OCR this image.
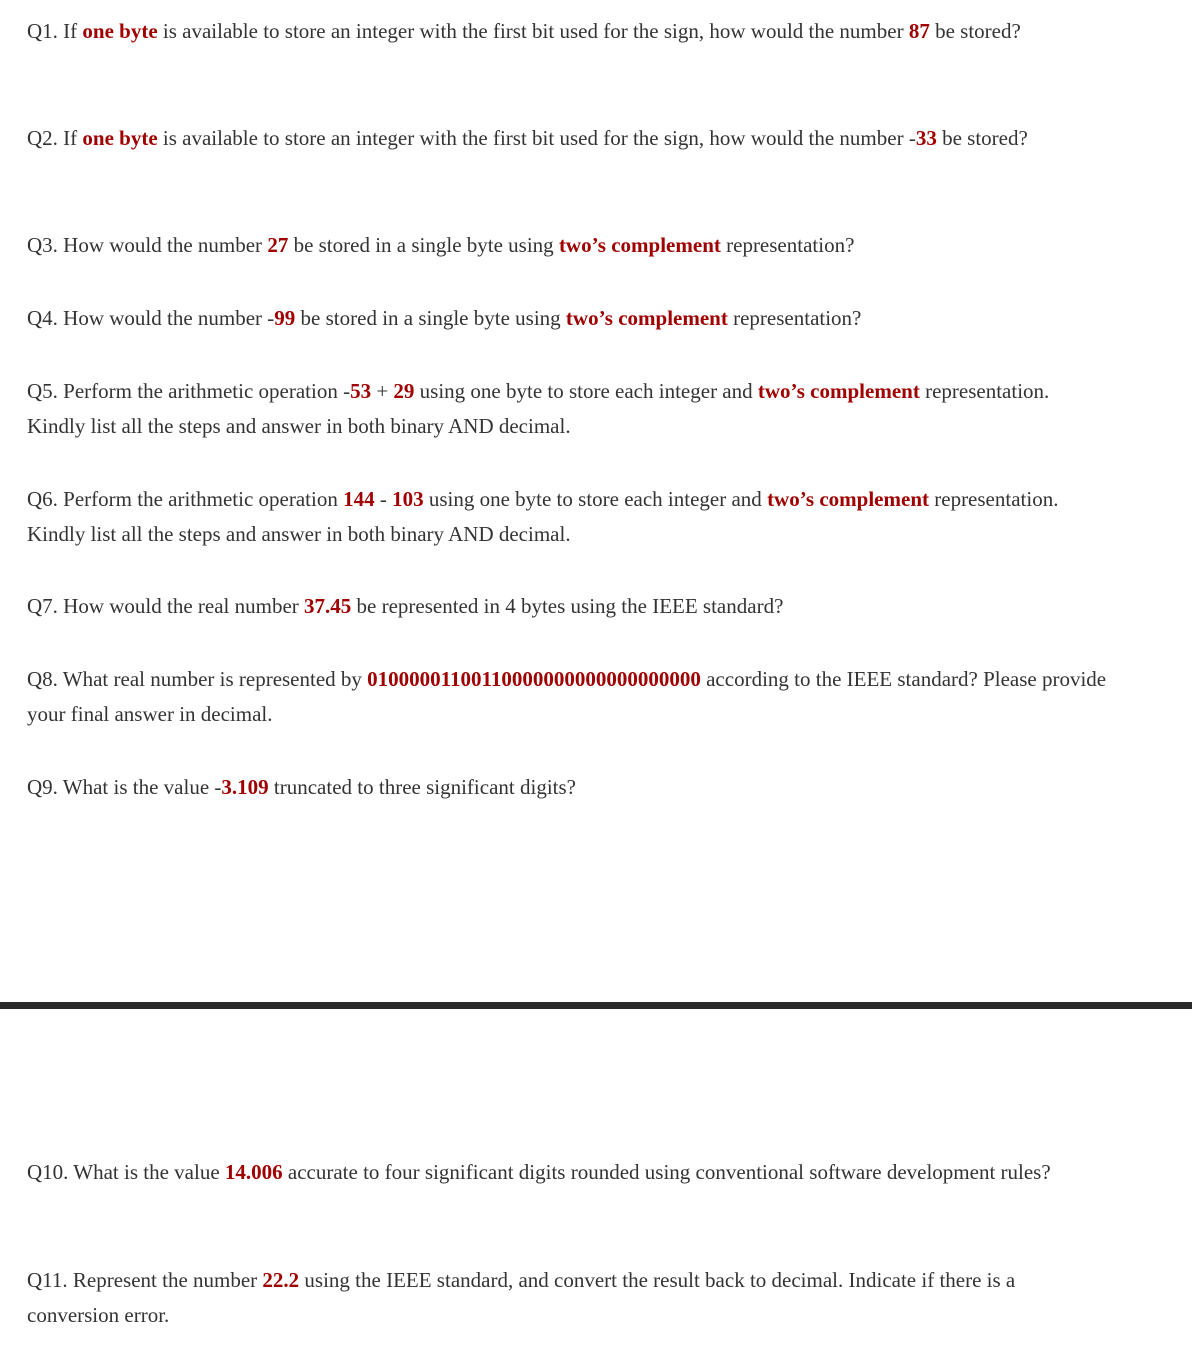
Q1. If one byte is available to store an integer with the first bit used for the sign, how would the number 87 be stored?

Q2. If one byte is available to store an integer with the first bit used for the sign, how would the number -33 be stored?

Q3. How would the number 27 be stored in a single byte using two’s complement representation?

Q4. How would the number -99 be stored in a single byte using two’s complement representation?

Q5. Perform the arithmetic operation -53 + 29 using one byte to store each integer and two’s complement representation. Kindly list all the steps and answer in both binary AND decimal.

Q6. Perform the arithmetic operation 144 - 103 using one byte to store each integer and two’s complement representation. Kindly list all the steps and answer in both binary AND decimal.

Q7. How would the real number 37.45 be represented in 4 bytes using the IEEE standard?

Q8. What real number is represented by 01000001100110000000000000000000 according to the IEEE standard? Please provide your final answer in decimal.

Q9. What is the value -3.109 truncated to three significant digits?

Q10. What is the value 14.006 accurate to four significant digits rounded using conventional software development rules?

Q11. Represent the number 22.2 using the IEEE standard, and convert the result back to decimal. Indicate if there is a conversion error.
